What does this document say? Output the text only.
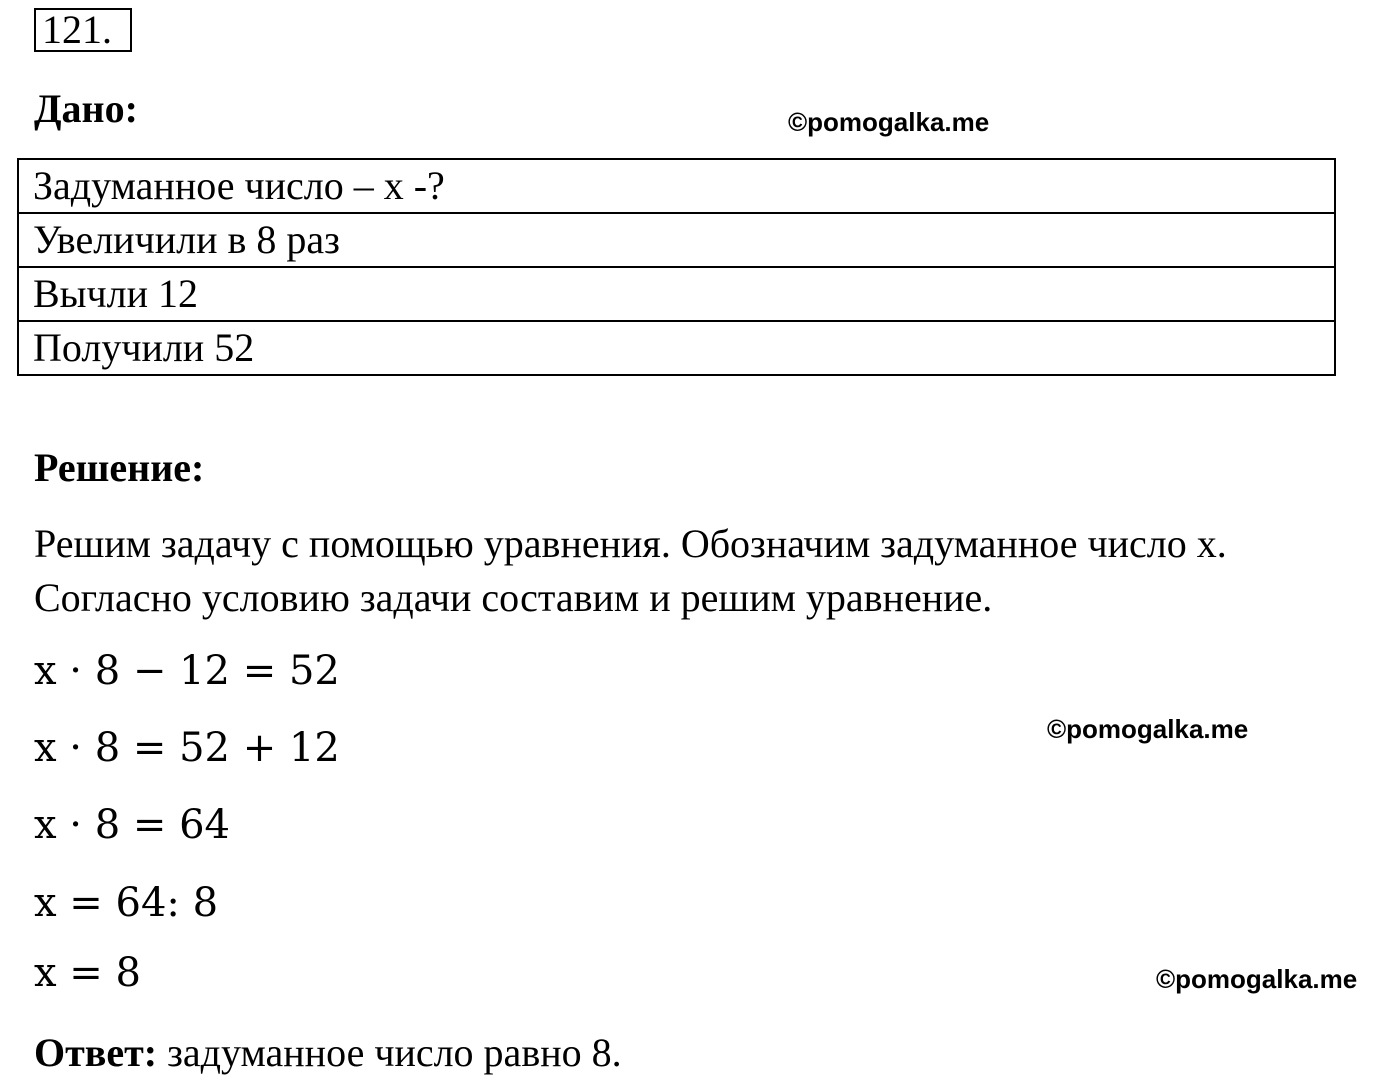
121.
Дано:	©pomogalka.me
Задуманное число – х -?
Увеличили в 8 раз
Вычли 12
Получили 52
Решение:
Решим задачу с помощью уравнения. Обозначим задуманное число х. Согласно условию задачи составим и решим уравнение.
x · 8 − 12 = 52
x · 8 = 52 + 12
x · 8 = 64
x = 64: 8
x = 8
©pomogalka.me
©pomogalka.me
Ответ: задуманное число равно 8.
